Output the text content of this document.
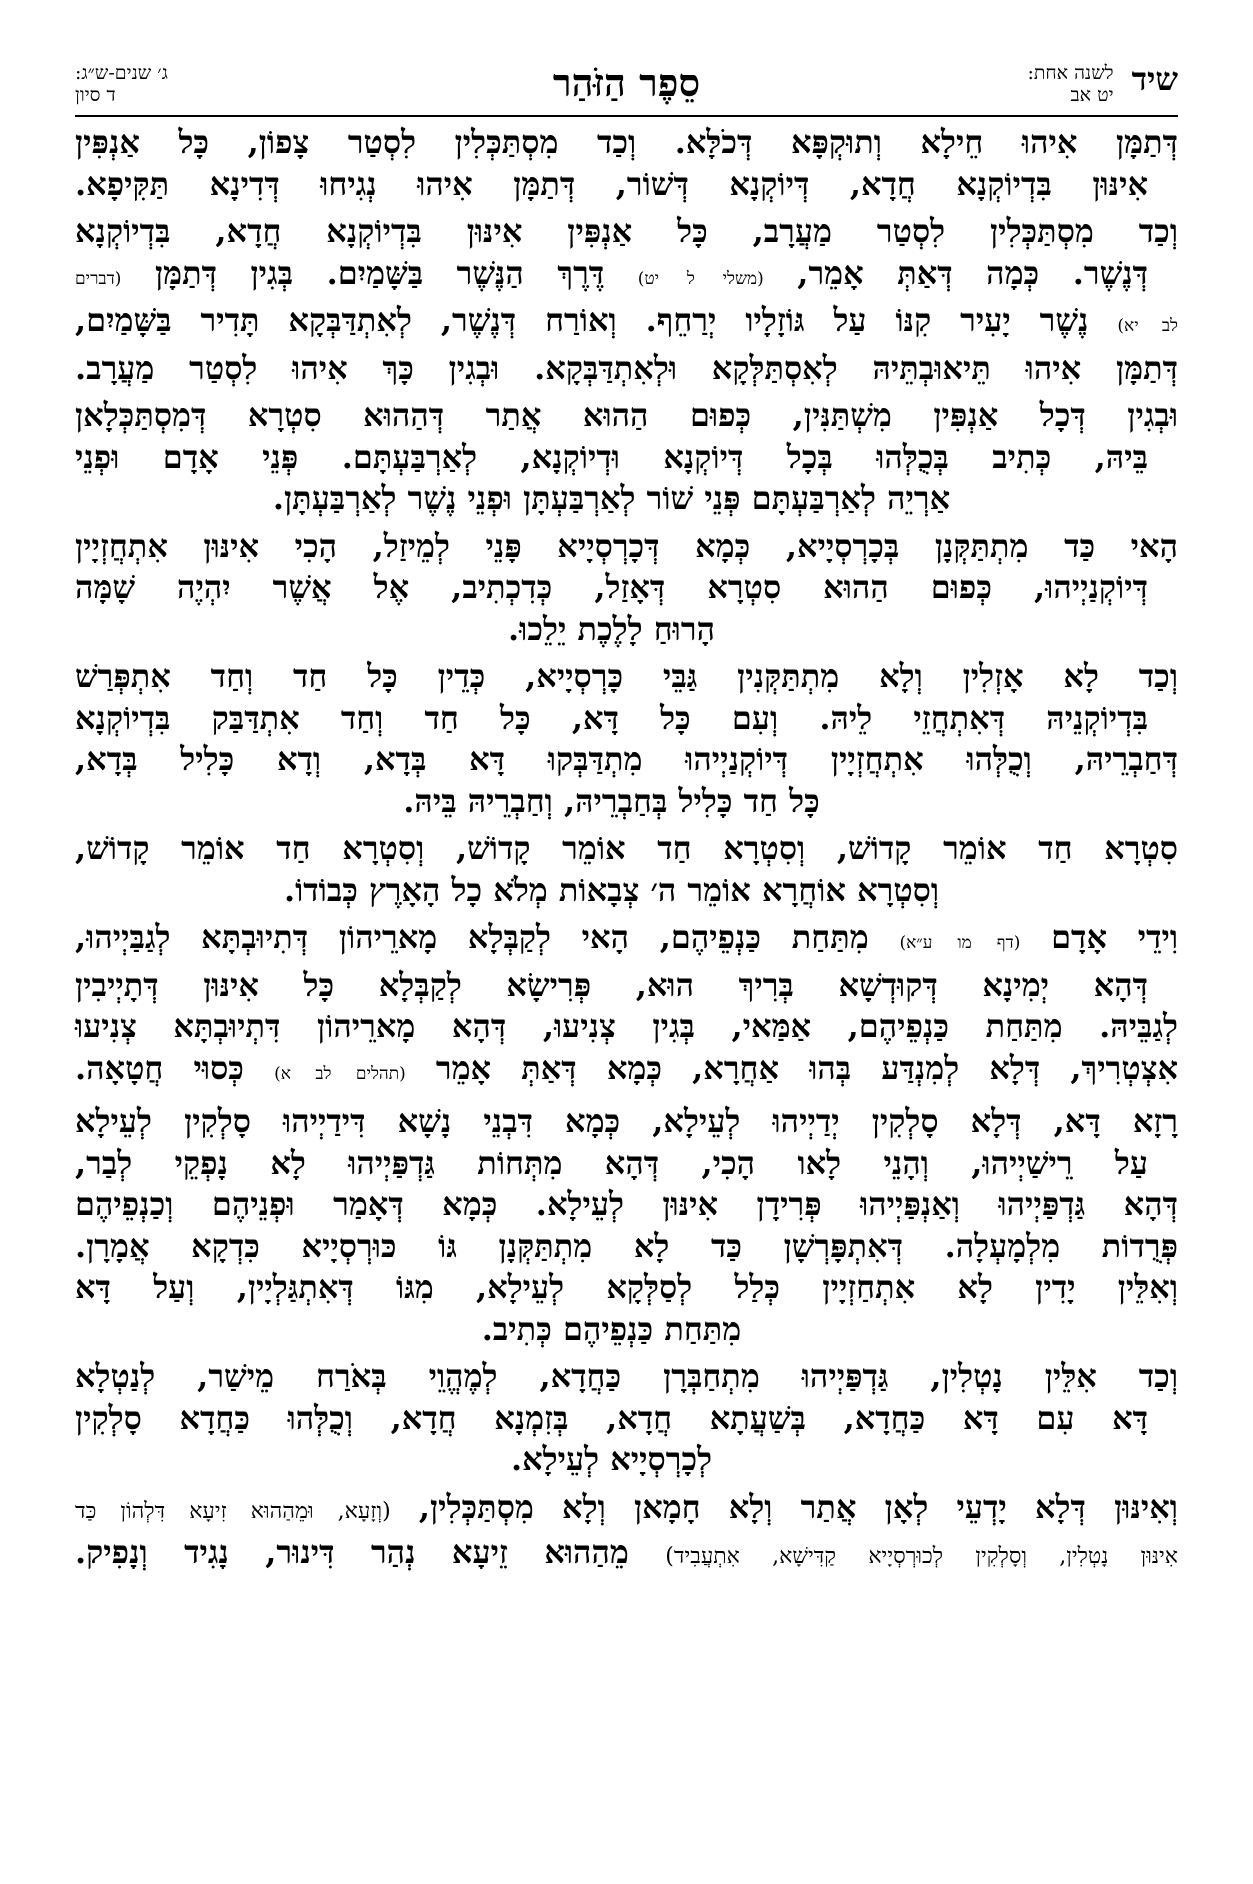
שיד
לשנה אחת:
יט אב
סֵפֶר הַזֹּהַר
ג׳ שנים-ש״ג:
ד סיון
דְּתַמָּן אִיהוּ חֵילָא וְתוּקְפָּא דְּכֹלָּא. וְכַד מִסְתַּכְּלִין לִסְטַר צָפוֹן, כָּל אַנְפִּין
אִינּוּן בִּדְיוֹקְנָא חֲדָא, דְּיוֹקְנָא דְּשׁוֹר, דְּתַמָּן אִיהוּ נְגִיחוּ דְּדִינָא תַּקִּיפָא.
וְכַד מִסְתַּכְּלִין לִסְטַר מַעֲרָב, כָּל אַנְפִּין אִינּוּן בִּדְיוֹקְנָא חֲדָא, בִּדְיוֹקְנָא
דְּנֶשֶׁר. כְּמָה דְּאַתְּ אָמֵר, (משלי ל יט) דֶּרֶךְ הַנֶּשֶׁר בַּשָּׁמַיִם. בְּגִין דְּתַמָּן (דברים
לב יא) נֶשֶׁר יָעִיר קִנּוֹ עַל גּוֹזָלָיו יְרַחֵף. וְאוֹרַח דְּנֶשֶׁר, לְאִתְדַּבְּקָא תָּדִיר בַּשָּׁמַיִם,
דְּתַמָּן אִיהוּ תֵּיאוּבְתֵּיהּ לְאִסְתַּלְּקָא וּלְאִתְדַּבְּקָא. וּבְגִין כָּךְ אִיהוּ לִסְטַר מַעֲרָב.
וּבְגִין דְּכָל אַנְפִּין מִשְׁתַּנִּין, כְּפוּם הַהוּא אֲתַר דְּהַהוּא סִטְרָא דְּמִסְתַּכְּלָאן
בֵּיהּ, כְּתִיב בְּכֻלְּהוּ בְּכָל דְּיוֹקְנָא וּדְיוֹקְנָא, לְאַרְבַּעְתָּם. פְּנֵי אָדָם וּפְנֵי
אַרְיֵה לְאַרְבַּעְתָּם פְּנֵי שׁוֹר לְאַרְבַּעְתָּן וּפְנֵי נֶשֶׁר לְאַרְבַּעְתָּן.
הָאי כַּד מִתְתַּקְּנָן בְּכָרְסְיָיא, כְּמָא דְּכָרְסְיָיא פָּנֵי לְמֵיזַל, הָכִי אִינּוּן אִתְחֲזְיָין
דְּיוֹקְנַיְיהוּ, כְּפוּם הַהוּא סִטְרָא דְּאָזַל, כְּדִכְתִיב, אֶל אֲשֶׁר יִהְיֶה שָׁמָּה
הָרוּחַ לָלֶכֶת יֵלֵכוּ.
וְכַד לָא אָזְלִין וְלָא מִתְתַּקְּנִין גַּבֵּי כָּרְסְיָיא, כְּדֵין כָּל חַד וְחַד אִתְפְּרַשׁ
בִּדְיוֹקְנֵיהּ דְּאִתְחֲזֵי לֵיהּ. וְעִם כָּל דָּא, כָּל חַד וְחַד אִתְדַּבַּק בִּדְיוֹקְנָא
דְּחַבְרֵיהּ, וְכֻלְּהוּ אִתְחֲזְיָין דְּיוֹקְנַיְיהוּ מִתְדַּבְּקוּ דָּא בְּדָא, וְדָא כָּלִיל בְּדָא,
כָּל חַד כָּלִיל בְּחַבְרֵיהּ, וְחַבְרֵיהּ בֵּיהּ.
סִטְרָא חַד אוֹמֵר קָדוֹשׁ, וְסִטְרָא חַד אוֹמֵר קָדוֹשׁ, וְסִטְרָא חַד אוֹמֵר קָדוֹשׁ,
וְסִטְרָא אוֹחֲרָא אוֹמֵר ה׳ צְבָאוֹת מְלֹא כָל הָאָרֶץ כְּבוֹדוֹ.
וִידֵי אָדָם (דף מו ע״א) מִתַּחַת כַּנְפֵיהֶם, הָאי לְקַבְּלָא מָארֵיהוֹן דְּתִיוּבְתָּא לְגַבַּיְיהוּ,
דְּהָא יְמִינָא דְּקוּדְשָׁא בְּרִיךְ הוּא, פְּרִישָׂא לְקַבְּלָא כָּל אִינּוּן דְּתָיְיבִין
לְגַבֵּיהּ. מִתַּחַת כַּנְפֵיהֶם, אַמַּאי, בְּגִין צְנִיעוּ, דְּהָא מָארֵיהוֹן דִּתְיוּבְתָּא צְנִיעוּ
אִצְטְרִיךְ, דְּלָא לְמִנְדַּע בְּהוּ אַחֲרָא, כְּמָא דְּאַתְּ אָמֵר (תהלים לב א) כְּסוּי חֲטָאָה.
רָזָא דָּא, דְּלָא סָלְקִין יְדַיְיהוּ לְעֵילָא, כְּמָא דִּבְנֵי נָשָׁא דִּידַיְיהוּ סָלְקִין לְעֵילָא
עַל רֵישַׁיְיהוּ, וְהָנֵי לָאו הָכִי, דְּהָא מִתְּחוֹת גַּדְפַּיְיהוּ לָא נָפְקֵי לְבַר,
דְּהָא גַּדְפַּיְיהוּ וְאַנְפַּיְיהוּ פְּרִידָן אִינּוּן לְעֵילָא. כְּמָא דְּאָמַר וּפְנֵיהֶם וְכַנְפֵיהֶם
פְּרֻדוֹת מִלְמָעְלָה. דְּאִתְפָּרְשָׁן כַּד לָא מִתְתַּקְּנָן גּוֹ כּוּרְסְיָיא כִּדְקָא אֲמָרָן.
וְאִלֵּין יָדִין לָא אִתְחַזְיָין כְּלַל לְסַלְּקָא לְעֵילָא, מִגּוֹ דְּאִתְגַּלְיָין, וְעַל דָּא
מִתַּחַת כַּנְפֵיהֶם כְּתִיב.
וְכַד אִלֵּין נָטְלִין, גַּדְפַּיְיהוּ מִתְחַבְּרָן כַּחֲדָא, לְמֶהֱוֵי בְּאֹרַח מֵישַׁר, לְנַטְלָא
דָּא עִם דָּא כַּחֲדָא, בְּשַׁעֲתָא חֲדָא, בְּזִמְנָא חֲדָא, וְכֻלְּהוּ כַּחֲדָא סָלְקִין
לְכָרְסְיָיא לְעֵילָא.
וְאִינּוּן דְּלָא יָדְעֵי לְאָן אֲתַר וְלָא חָמָאן וְלָא מִסְתַּכְּלִין, (וְזָעָא, וּמֵהַהוּא זִיעָא דִּלְהוֹן כַּד
אִינּוּן נָטְלִין, וְסָלְקִין לְכוּרְסְיָיא קַדִּישָׁא, אִתְעֲבִיד) מֵהַהוּא זֵיעָא נְהַר דִּינוּר, נָגִיד וְנָפִיק.
